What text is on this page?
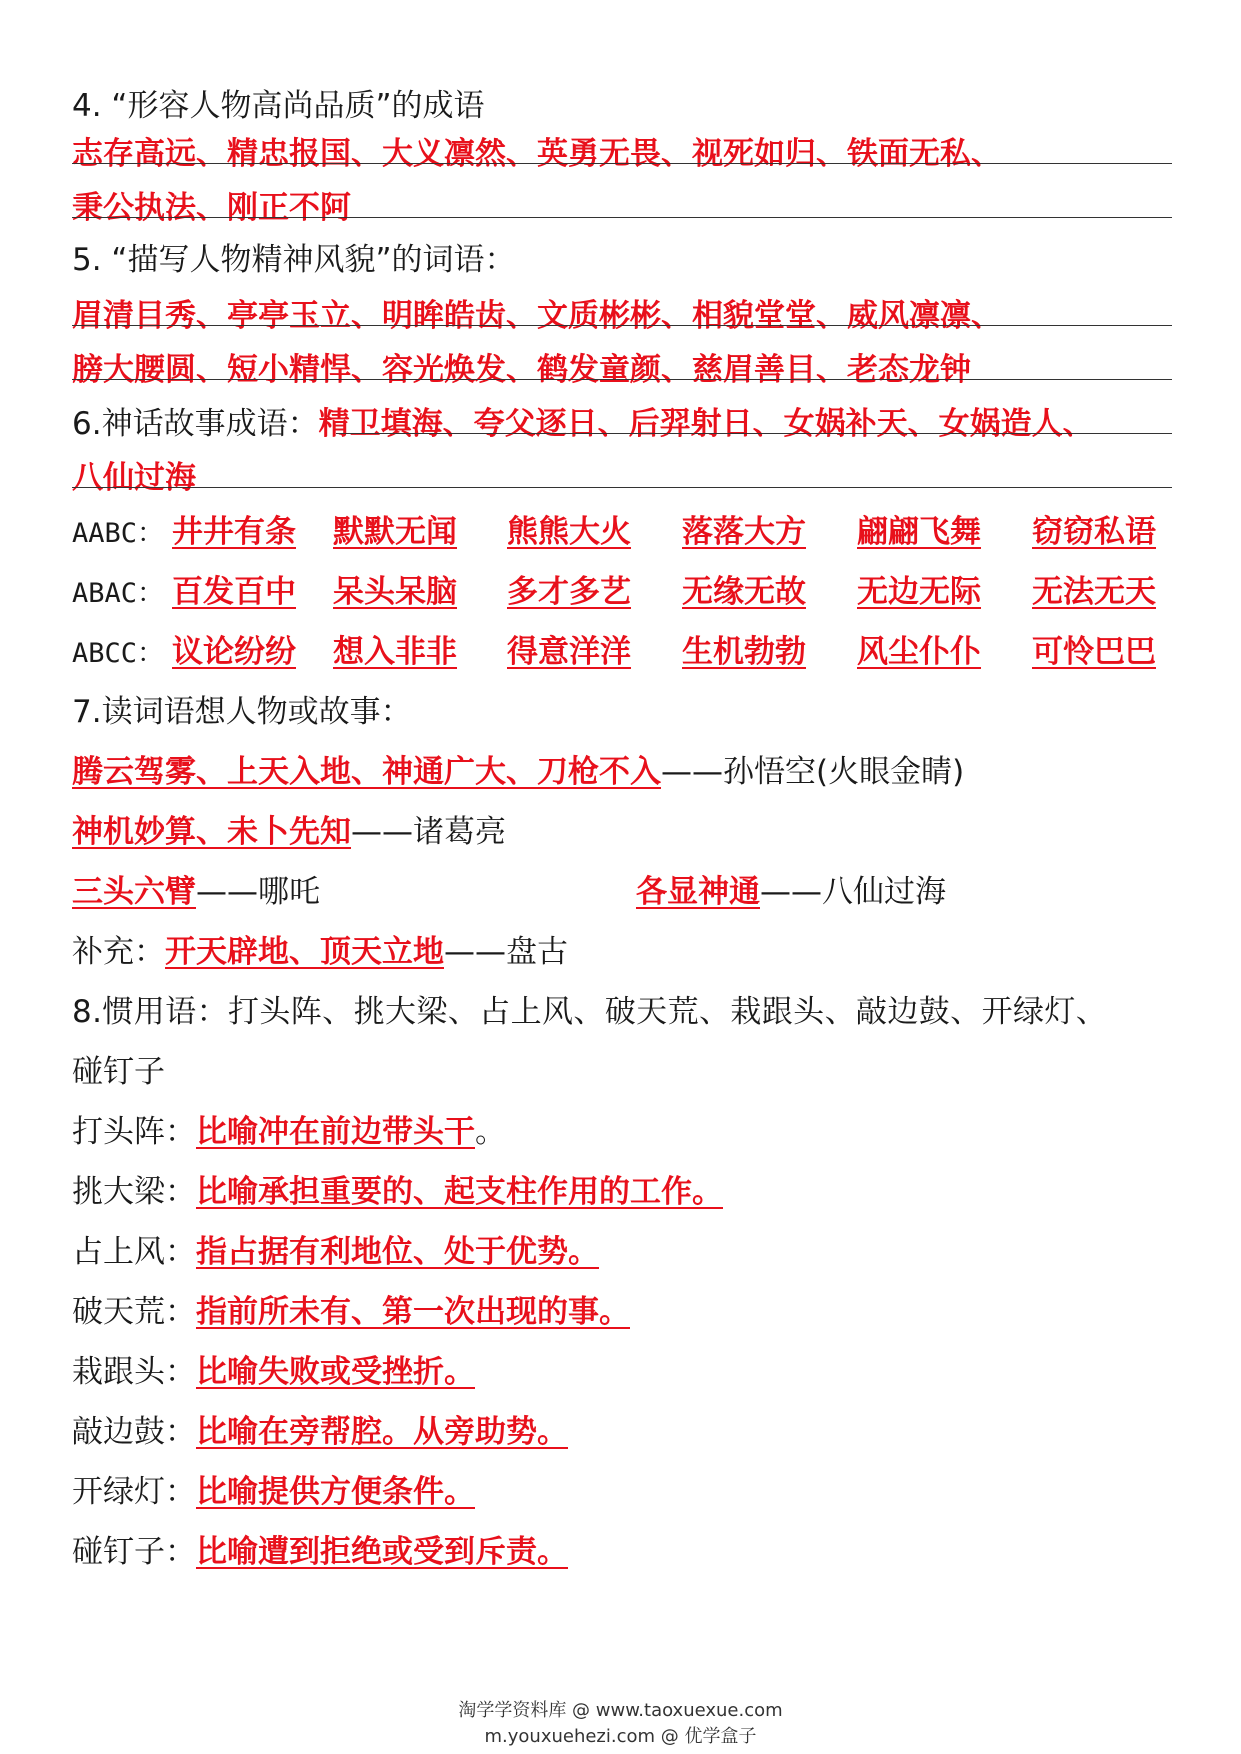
4. “形容人物高尚品质”的成语
志存高远、精忠报国、大义凛然、英勇无畏、视死如归、铁面无私、
秉公执法、刚正不阿
5. “描写人物精神风貌”的词语：
眉清目秀、亭亭玉立、明眸皓齿、文质彬彬、相貌堂堂、威风凛凛、
膀大腰圆、短小精悍、容光焕发、鹤发童颜、慈眉善目、老态龙钟
6.神话故事成语：精卫填海、夸父逐日、后羿射日、女娲补天、女娲造人、
八仙过海
AABC： 井井有条 默默无闻 熊熊大火 落落大方 翩翩飞舞 窃窃私语
ABAC： 百发百中 呆头呆脑 多才多艺 无缘无故 无边无际 无法无天
ABCC： 议论纷纷 想入非非 得意洋洋 生机勃勃 风尘仆仆 可怜巴巴
7.读词语想人物或故事：
腾云驾雾、上天入地、神通广大、刀枪不入——孙悟空(火眼金睛)
神机妙算、未卜先知——诸葛亮
三头六臂——哪吒	各显神通——八仙过海
补充：开天辟地、顶天立地——盘古
8.惯用语：打头阵、挑大梁、占上风、破天荒、栽跟头、敲边鼓、开绿灯、
碰钉子
打头阵：比喻冲在前边带头干。
挑大梁：比喻承担重要的、起支柱作用的工作。
占上风：指占据有利地位、处于优势。
破天荒：指前所未有、第一次出现的事。
栽跟头：比喻失败或受挫折。
敲边鼓：比喻在旁帮腔。从旁助势。
开绿灯：比喻提供方便条件。
碰钉子：比喻遭到拒绝或受到斥责。
淘学学资料库 @ www.taoxuexue.com
m.youxuehezi.com @ 优学盒子
